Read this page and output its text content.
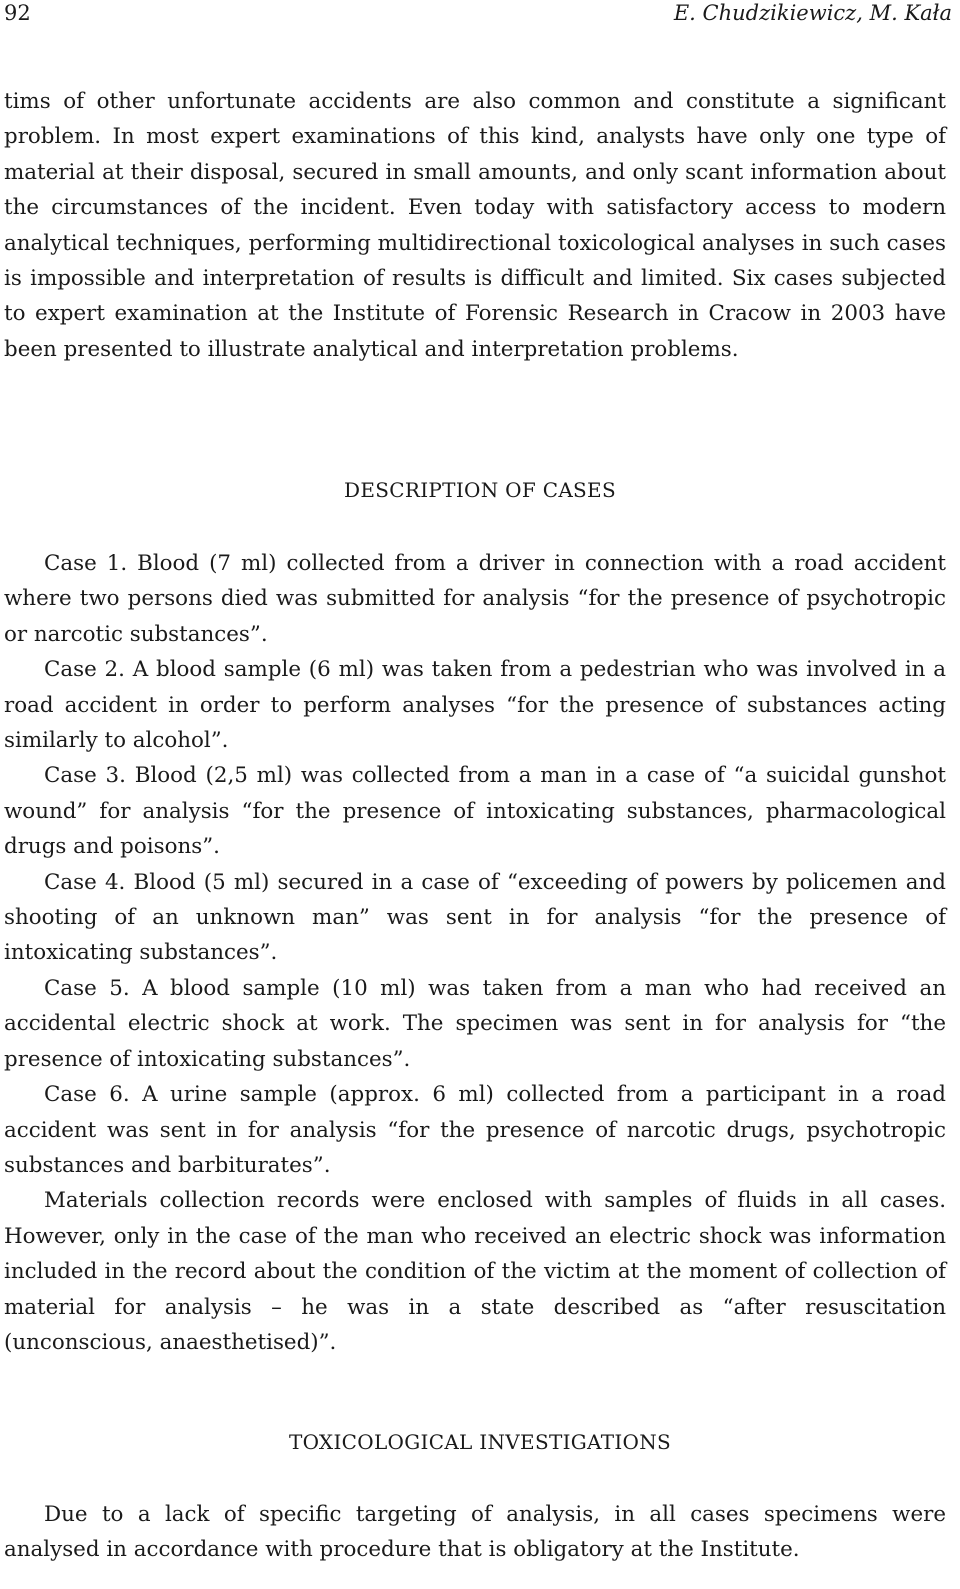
92	E. Chudzikiewicz, M. Kała

tims of other unfortunate accidents are also common and constitute a significant problem. In most expert examinations of this kind, analysts have only one type of material at their disposal, secured in small amounts, and only scant information about the circumstances of the incident. Even today with satisfactory access to modern analytical techniques, performing multidirectional toxicological analyses in such cases is impossible and interpretation of results is difficult and limited. Six cases subjected to expert examination at the Institute of Forensic Research in Cracow in 2003 have been presented to illustrate analytical and interpretation problems.

DESCRIPTION OF CASES

Case 1. Blood (7 ml) collected from a driver in connection with a road accident where two persons died was submitted for analysis “for the presence of psychotropic or narcotic substances”.

Case 2. A blood sample (6 ml) was taken from a pedestrian who was involved in a road accident in order to perform analyses “for the presence of substances acting similarly to alcohol”.

Case 3. Blood (2,5 ml) was collected from a man in a case of “a suicidal gunshot wound” for analysis “for the presence of intoxicating substances, pharmacological drugs and poisons”.

Case 4. Blood (5 ml) secured in a case of “exceeding of powers by policemen and shooting of an unknown man” was sent in for analysis “for the presence of intoxicating substances”.

Case 5. A blood sample (10 ml) was taken from a man who had received an accidental electric shock at work. The specimen was sent in for analysis for “the presence of intoxicating substances”.

Case 6. A urine sample (approx. 6 ml) collected from a participant in a road accident was sent in for analysis “for the presence of narcotic drugs, psychotropic substances and barbiturates”.

Materials collection records were enclosed with samples of fluids in all cases. However, only in the case of the man who received an electric shock was information included in the record about the condition of the victim at the moment of collection of material for analysis – he was in a state described as “after resuscitation (unconscious, anaesthetised)”.

TOXICOLOGICAL INVESTIGATIONS

Due to a lack of specific targeting of analysis, in all cases specimens were analysed in accordance with procedure that is obligatory at the Institute.
